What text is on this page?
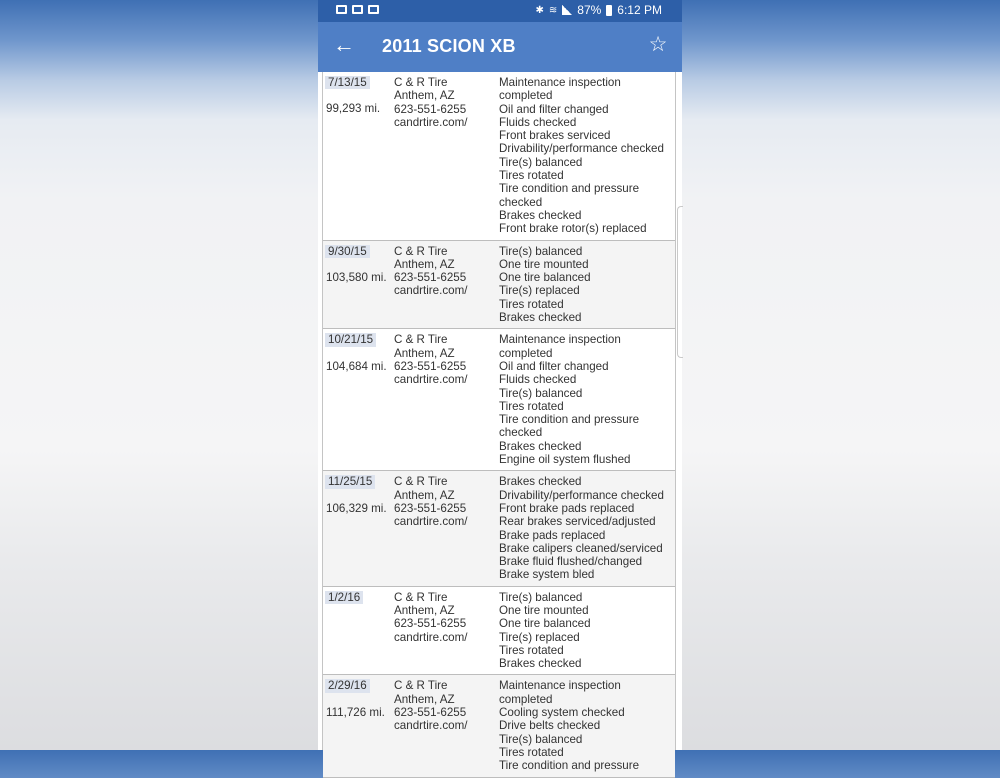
✱ ≋ 87% 6:12 PM
← 2011 SCION XB	☆
7/13/15
99,293 mi.
C & R Tire
Anthem, AZ
623-551-6255
candrtire.com/
Maintenance inspection
completed
Oil and filter changed
Fluids checked
Front brakes serviced
Drivability/performance checked
Tire(s) balanced
Tires rotated
Tire condition and pressure
checked
Brakes checked
Front brake rotor(s) replaced
9/30/15
103,580 mi.
C & R Tire
Anthem, AZ
623-551-6255
candrtire.com/
Tire(s) balanced
One tire mounted
One tire balanced
Tire(s) replaced
Tires rotated
Brakes checked
10/21/15
104,684 mi.
C & R Tire
Anthem, AZ
623-551-6255
candrtire.com/
Maintenance inspection
completed
Oil and filter changed
Fluids checked
Tire(s) balanced
Tires rotated
Tire condition and pressure
checked
Brakes checked
Engine oil system flushed
11/25/15
106,329 mi.
C & R Tire
Anthem, AZ
623-551-6255
candrtire.com/
Brakes checked
Drivability/performance checked
Front brake pads replaced
Rear brakes serviced/adjusted
Brake pads replaced
Brake calipers cleaned/serviced
Brake fluid flushed/changed
Brake system bled
1/2/16	C & R Tire
Anthem, AZ
623-551-6255
candrtire.com/
Tire(s) balanced
One tire mounted
One tire balanced
Tire(s) replaced
Tires rotated
Brakes checked
2/29/16
111,726 mi.
C & R Tire
Anthem, AZ
623-551-6255
candrtire.com/
Maintenance inspection
completed
Cooling system checked
Drive belts checked
Tire(s) balanced
Tires rotated
Tire condition and pressure
